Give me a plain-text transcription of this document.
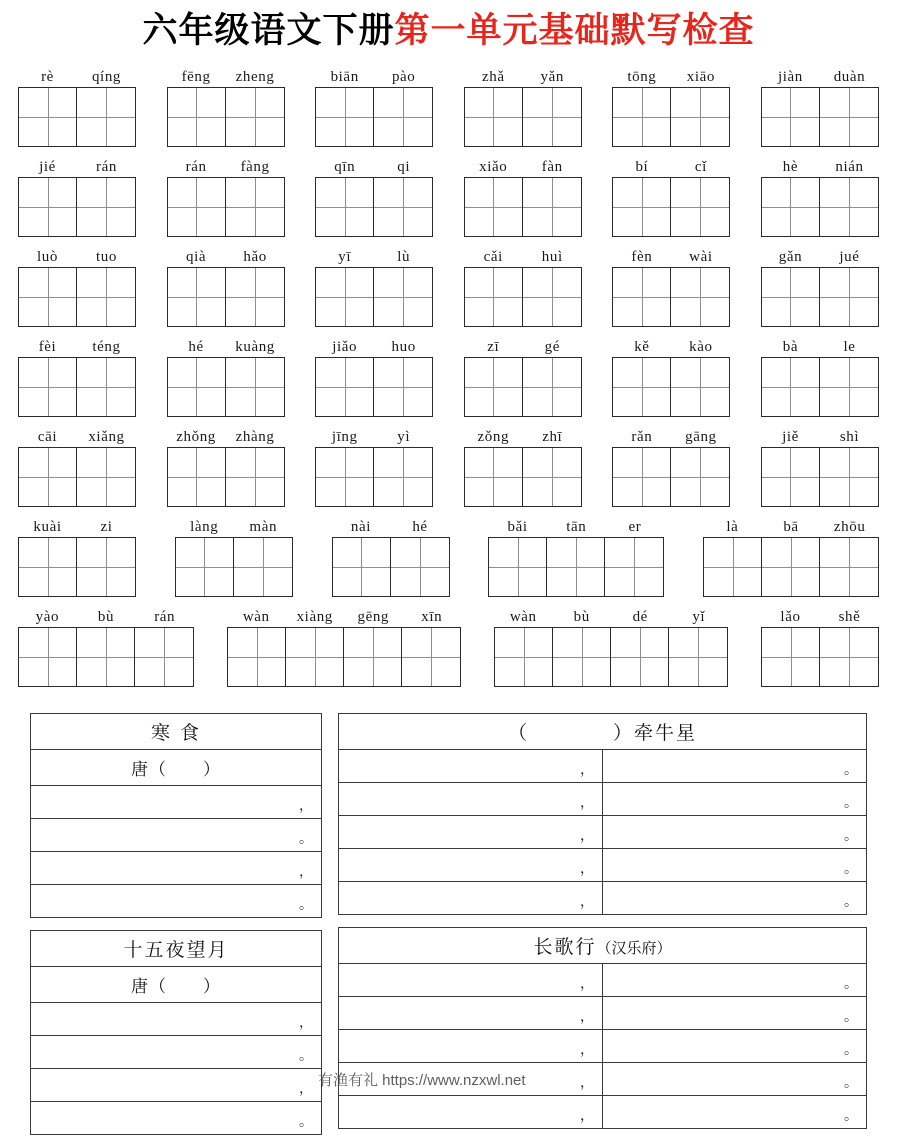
六年级语文下册第一单元基础默写检查
rè	qíng	fēng	zheng	biān	pào	zhǎ	yǎn	tōng	xiāo	jiàn	duàn
jié	rán	rán	fàng	qīn	qi	xiǎo	fàn	bí	cǐ	hè	nián
luò	tuo	qià	hǎo	yī	lù	cǎi	huì	fèn	wài	gǎn	jué
fèi	téng	hé	kuàng	jiǎo	huo	zī	gé	kě	kào	bà	le
cāi	xiǎng	zhǒng	zhàng	jīng	yì	zǒng	zhī	rǎn	gāng	jiě	shì
kuài	zi	làng	màn	nài	hé	bǎi	tān	er	là	bā	zhōu
yào	bù	rán	wàn	xiàng	gēng	xīn	wàn	bù	dé	yǐ	lǎo	shě
寒 食
唐（　　）
，
。
，
。
十五夜望月
唐（　　）
，
。
，
。
（　　　　）牵牛星	
，	。
，	。
，	。
，	。
，	。
长歌行（汉乐府）	
，	。
，	。
，	。
，	。
，	。
有渔有礼 https://www.nzxwl.net
